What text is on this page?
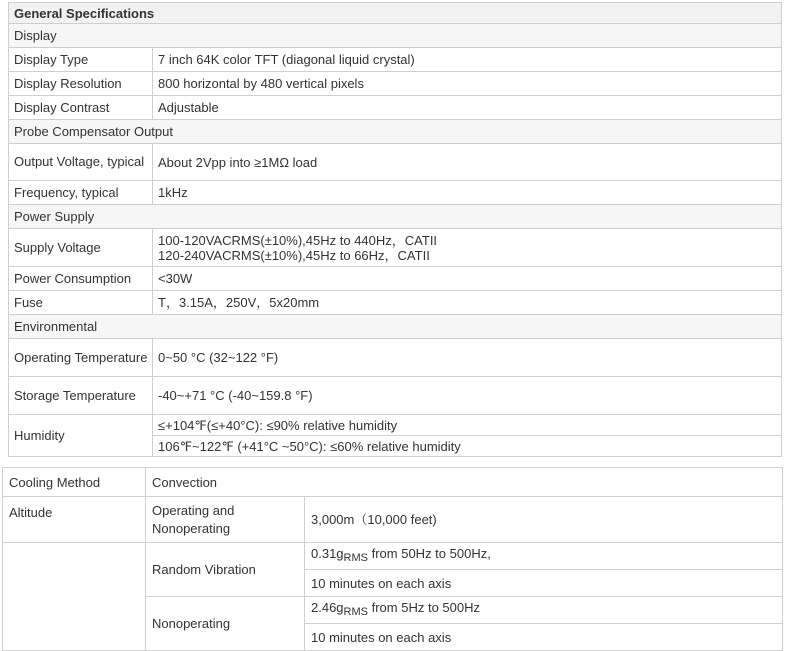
General Specifications	
Display	
Display Type	7 inch 64K color TFT (diagonal liquid crystal)
Display Resolution	800 horizontal by 480 vertical pixels
Display Contrast	Adjustable
Probe Compensator Output	
Output Voltage, typical	About 2Vpp into ≥1MΩ load
Frequency, typical	1kHz
Power Supply	
Supply Voltage	100-120VACRMS(±10%),45Hz to 440Hz，CATII
120-240VACRMS(±10%),45Hz to 66Hz，CATII

Power Consumption	<30W
Fuse	T，3.15A，250V，5x20mm
Environmental	
Operating Temperature	0~50 °C (32~122 °F)
Storage Temperature	-40~+71 °C (-40~159.8 °F)
Humidity	≤+104℉(≤+40°C): ≤90% relative humidity
	106℉~122℉ (+41°C ~50°C): ≤60% relative humidity
Cooling Method	Convection	
Altitude	Operating and Nonoperating	3,000m（10,000 feet)
	Random Vibration	$0.31g_{RMS}$ from 50Hz to 500Hz,
		10 minutes on each axis
	Nonoperating	$2.46g_{RMS}$ from 5Hz to 500Hz
		10 minutes on each axis
